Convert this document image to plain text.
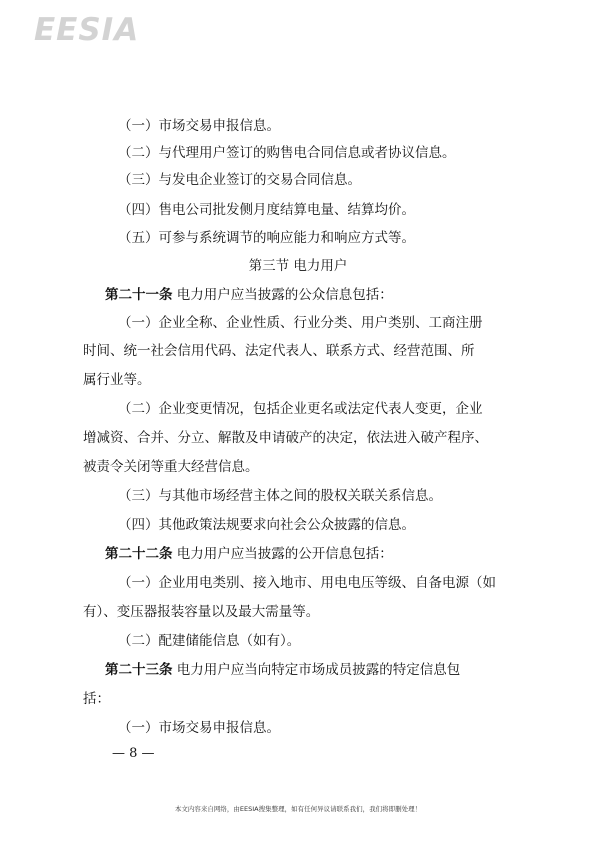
EESIA
（一）市场交易申报信息。
（二）与代理用户签订的购售电合同信息或者协议信息。
（三）与发电企业签订的交易合同信息。
（四）售电公司批发侧月度结算电量、结算均价。
（五）可参与系统调节的响应能力和响应方式等。
第三节 电力用户
第二十一条 电力用户应当披露的公众信息包括：
（一）企业全称、企业性质、行业分类、用户类别、工商注册
时间、统一社会信用代码、法定代表人、联系方式、经营范围、所
属行业等。
（二）企业变更情况，包括企业更名或法定代表人变更，企业
增减资、合并、分立、解散及申请破产的决定，依法进入破产程序、
被责令关闭等重大经营信息。
（三）与其他市场经营主体之间的股权关联关系信息。
（四）其他政策法规要求向社会公众披露的信息。
第二十二条 电力用户应当披露的公开信息包括：
（一）企业用电类别、接入地市、用电电压等级、自备电源（如
有）、变压器报装容量以及最大需量等。
（二）配建储能信息（如有）。
第二十三条 电力用户应当向特定市场成员披露的特定信息包
括：
（一）市场交易申报信息。
— 8 —
本文内容来自网络，由EESIA搜集整理，如有任何异议请联系我们，我们将即删处理！
